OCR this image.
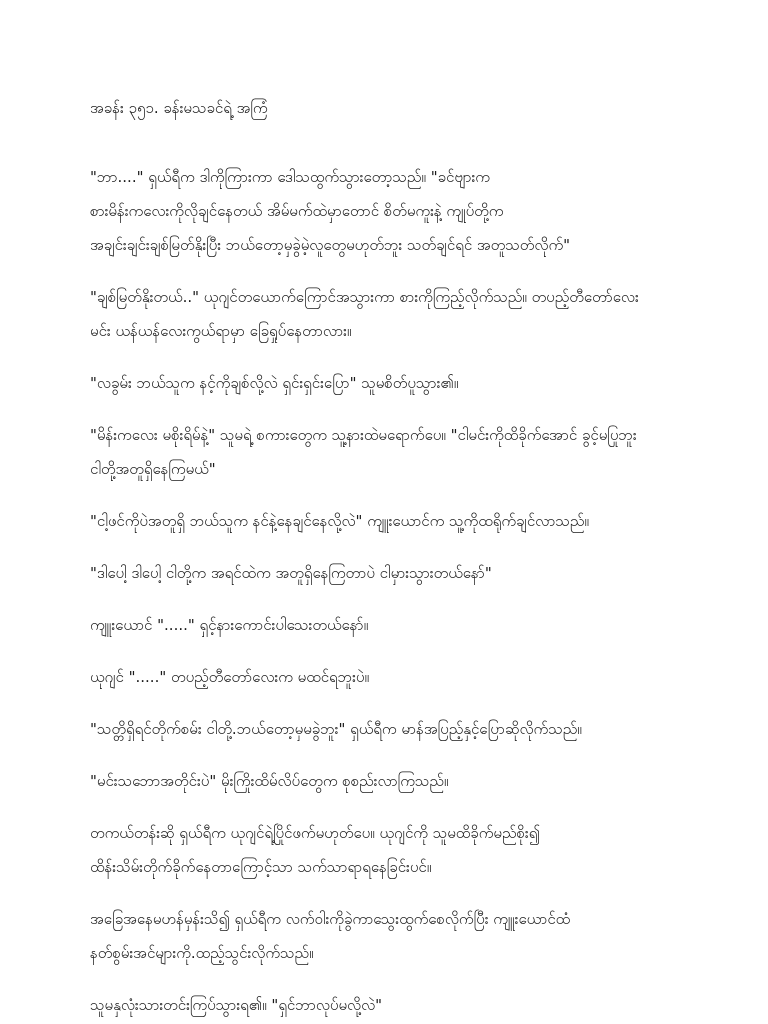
အခန်း ၃၅၁. ခန်းမသခင်ရဲ့ အကြံ

"ဘာ...." ရှယ်ရီက ဒါကိုကြားကာ ဒေါသထွက်သွားတော့သည်။ "ခင်ဗျားက
စားမိန်းကလေးကိုလိုချင်နေတယ် အိမ်မက်ထဲမှာတောင် စိတ်မကူးနဲ့ ကျုပ်တို့က
အချင်းချင်းချစ်မြတ်နိုးပြီး ဘယ်တော့မှခွဲမဲ့လူတွေမဟုတ်ဘူး သတ်ချင်ရင် အတူသတ်လိုက်"

"ချစ်မြတ်နိုးတယ်.." ယုဂျင်တယောက်ကြောင်အသွားကာ စားကိုကြည့်လိုက်သည်။ တပည့်တီတော်လေး
မင်း ယန်ယန်လေးကွယ်ရာမှာ ခြေရှုပ်နေတာလား။

"လခွမ်း ဘယ်သူက နင့်ကိုချစ်လို့လဲ ရှင်းရှင်းပြော" သူမစိတ်ပူသွား၏။

"မိန်းကလေး မစိုးရိမ်နဲ့" သူမရဲ့ စကားတွေက သူ့နားထဲမရောက်ပေ။ "ငါမင်းကိုထိခိုက်အောင် ခွင့်မပြုဘူး
ငါတို့အတူရှိနေကြမယ်"

"ငါ့ဖင်ကိုပဲအတူရှိ ဘယ်သူက နင်နဲ့နေချင်နေလို့လဲ" ကျူးယောင်က သူ့ကိုထရိုက်ချင်လာသည်။

"ဒါပေါ့ ဒါပေါ့ ငါတို့က အရင်ထဲက အတူရှိနေကြတာပဲ ငါမှားသွားတယ်နော်"

ကျူးယောင် "....." ရှင့်နားကောင်းပါသေးတယ်နော်။

ယုဂျင် "....." တပည့်တီတော်လေးက မထင်ရဘူးပဲ။

"သတ္တိရှိရင်တိုက်စမ်း ငါတို့.ဘယ်တော့မှမခွဲဘူး" ရှယ်ရီက မာန်အပြည့်နှင့်ပြောဆိုလိုက်သည်။

"မင်းသဘောအတိုင်းပဲ" မိုးကြိုးထိမ်လိပ်တွေက စုစည်းလာကြသည်။

တကယ်တန်းဆို ရှယ်ရီက ယုဂျင်ရဲ့ပြိုင်ဖက်မဟုတ်ပေ။ ယုဂျင်ကို သူမထိခိုက်မည်စိုး၍
ထိန်းသိမ်းတိုက်ခိုက်နေတာကြောင့်သာ သက်သာရာရနေခြင်းပင်။

အခြေအနေမဟန်မှန်းသိ၍ ရှယ်ရီက လက်ဝါးကိုခွဲကာသွေးထွက်စေလိုက်ပြီး ကျူးယောင်ထံ
နတ်စွမ်းအင်များကို.ထည့်သွင်းလိုက်သည်။

သူမနှလုံးသားတင်းကြပ်သွားရ၏။ "ရှင်ဘာလုပ်မလို့လဲ"
